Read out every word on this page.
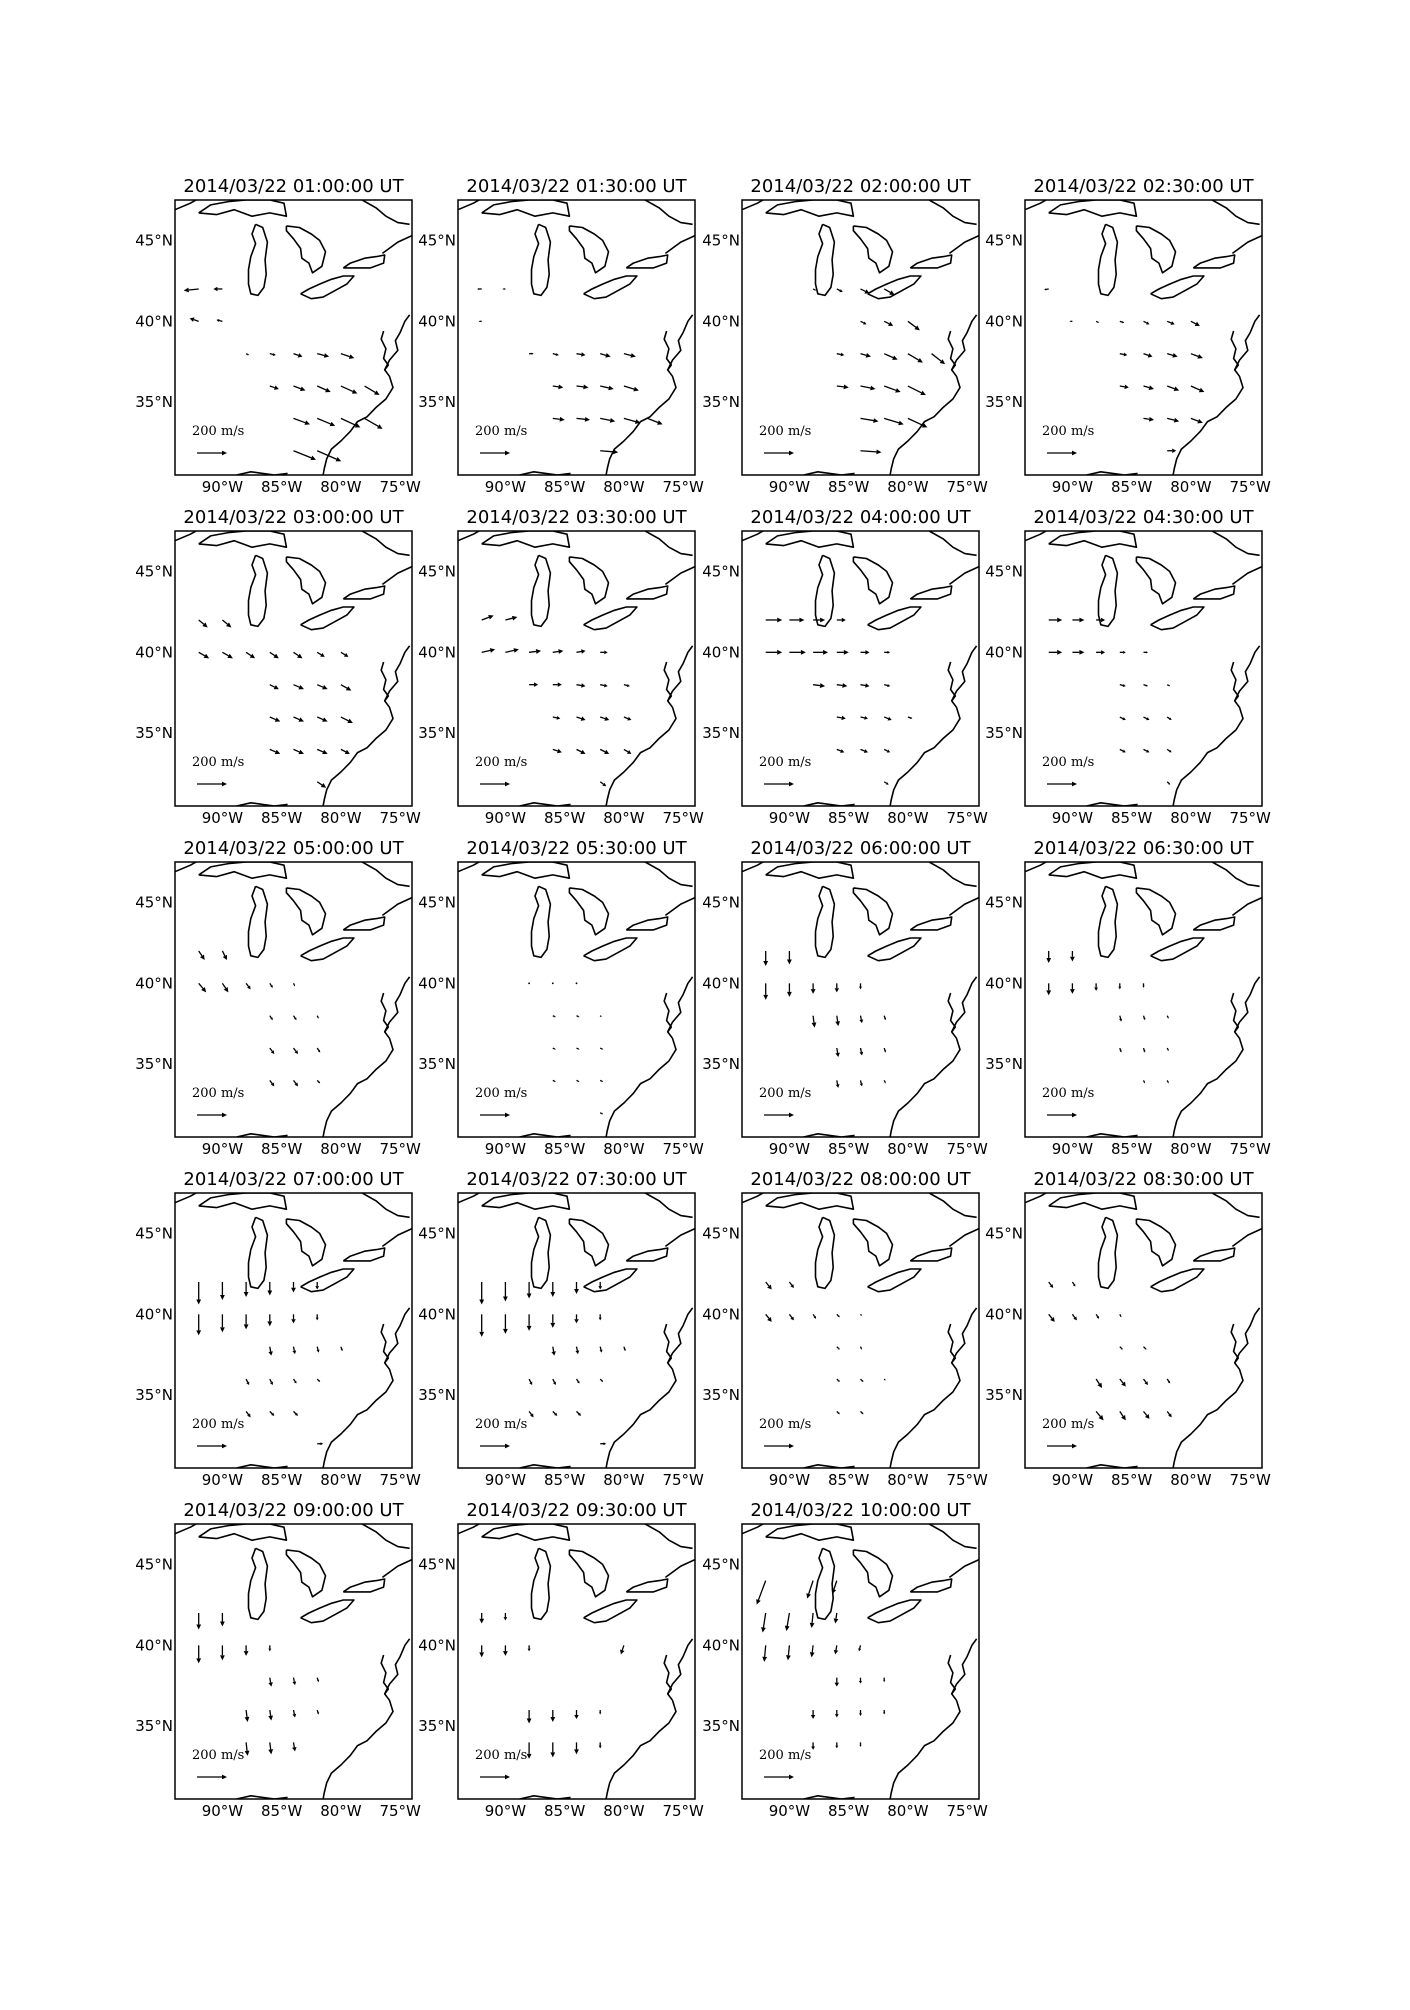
2014/03/22 01:00:00 UT
200 m/s
90°W 85°W 80°W 75°W
45°N
40°N
35°N
2014/03/22 01:30:00 UT
200 m/s
90°W 85°W 80°W 75°W
45°N
40°N
35°N
2014/03/22 02:00:00 UT
200 m/s
90°W 85°W 80°W 75°W
45°N
40°N
35°N
2014/03/22 02:30:00 UT
200 m/s
90°W 85°W 80°W 75°W
45°N
40°N
35°N
2014/03/22 03:00:00 UT
200 m/s
90°W 85°W 80°W 75°W
45°N
40°N
35°N
2014/03/22 03:30:00 UT
200 m/s
90°W 85°W 80°W 75°W
45°N
40°N
35°N
2014/03/22 04:00:00 UT
200 m/s
90°W 85°W 80°W 75°W
45°N
40°N
35°N
2014/03/22 04:30:00 UT
200 m/s
90°W 85°W 80°W 75°W
45°N
40°N
35°N
2014/03/22 05:00:00 UT
200 m/s
90°W 85°W 80°W 75°W
45°N
40°N
35°N
2014/03/22 05:30:00 UT
200 m/s
90°W 85°W 80°W 75°W
45°N
40°N
35°N
2014/03/22 06:00:00 UT
200 m/s
90°W 85°W 80°W 75°W
45°N
40°N
35°N
2014/03/22 06:30:00 UT
200 m/s
90°W 85°W 80°W 75°W
45°N
40°N
35°N
2014/03/22 07:00:00 UT
200 m/s
90°W 85°W 80°W 75°W
45°N
40°N
35°N
2014/03/22 07:30:00 UT
200 m/s
90°W 85°W 80°W 75°W
45°N
40°N
35°N
2014/03/22 08:00:00 UT
200 m/s
90°W 85°W 80°W 75°W
45°N
40°N
35°N
2014/03/22 08:30:00 UT
200 m/s
90°W 85°W 80°W 75°W
45°N
40°N
35°N
2014/03/22 09:00:00 UT
200 m/s
90°W 85°W 80°W 75°W
45°N
40°N
35°N
2014/03/22 09:30:00 UT
200 m/s
90°W 85°W 80°W 75°W
45°N
40°N
35°N
2014/03/22 10:00:00 UT
200 m/s
90°W 85°W 80°W 75°W
45°N
40°N
35°N
